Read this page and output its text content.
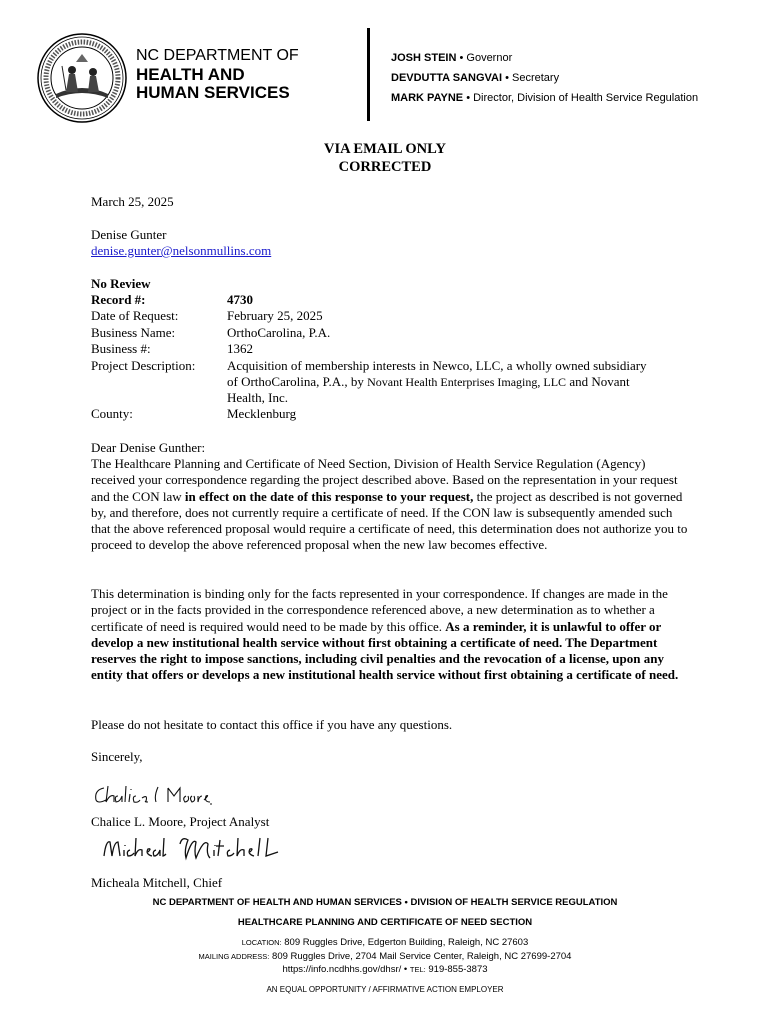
NC DEPARTMENT OF
HEALTH AND
HUMAN SERVICES
JOSH STEIN • Governor
DEVDUTTA SANGVAI • Secretary
MARK PAYNE • Director, Division of Health Service Regulation
VIA EMAIL ONLY
CORRECTED
March 25, 2025
Denise Gunter
denise.gunter@nelsonmullins.com
No Review
Record #:	4730
Date of Request:	February 25, 2025
Business Name:	OrthoCarolina, P.A.
Business #:	1362
Project Description: Acquisition of membership interests in Newco, LLC, a wholly owned subsidiary
of OrthoCarolina, P.A., by Novant Health Enterprises Imaging, LLC and Novant
Health, Inc.
County:	Mecklenburg
Dear Denise Gunther:
The Healthcare Planning and Certificate of Need Section, Division of Health Service Regulation (Agency) received your correspondence regarding the project described above. Based on the representation in your request and the CON law in effect on the date of this response to your request, the project as described is not governed by, and therefore, does not currently require a certificate of need. If the CON law is subsequently amended such that the above referenced proposal would require a certificate of need, this determination does not authorize you to proceed to develop the above referenced proposal when the new law becomes effective.
This determination is binding only for the facts represented in your correspondence. If changes are made in the project or in the facts provided in the correspondence referenced above, a new determination as to whether a certificate of need is required would need to be made by this office. As a reminder, it is unlawful to offer or develop a new institutional health service without first obtaining a certificate of need. The Department reserves the right to impose sanctions, including civil penalties and the revocation of a license, upon any entity that offers or develops a new institutional health service without first obtaining a certificate of need.
Please do not hesitate to contact this office if you have any questions.
Sincerely,
Chalice L. Moore, Project Analyst
Micheala Mitchell, Chief
NC DEPARTMENT OF HEALTH AND HUMAN SERVICES • DIVISION OF HEALTH SERVICE REGULATION
HEALTHCARE PLANNING AND CERTIFICATE OF NEED SECTION
LOCATION: 809 Ruggles Drive, Edgerton Building, Raleigh, NC 27603
MAILING ADDRESS: 809 Ruggles Drive, 2704 Mail Service Center, Raleigh, NC 27699-2704
https://info.ncdhhs.gov/dhsr/ • TEL: 919-855-3873
AN EQUAL OPPORTUNITY / AFFIRMATIVE ACTION EMPLOYER
